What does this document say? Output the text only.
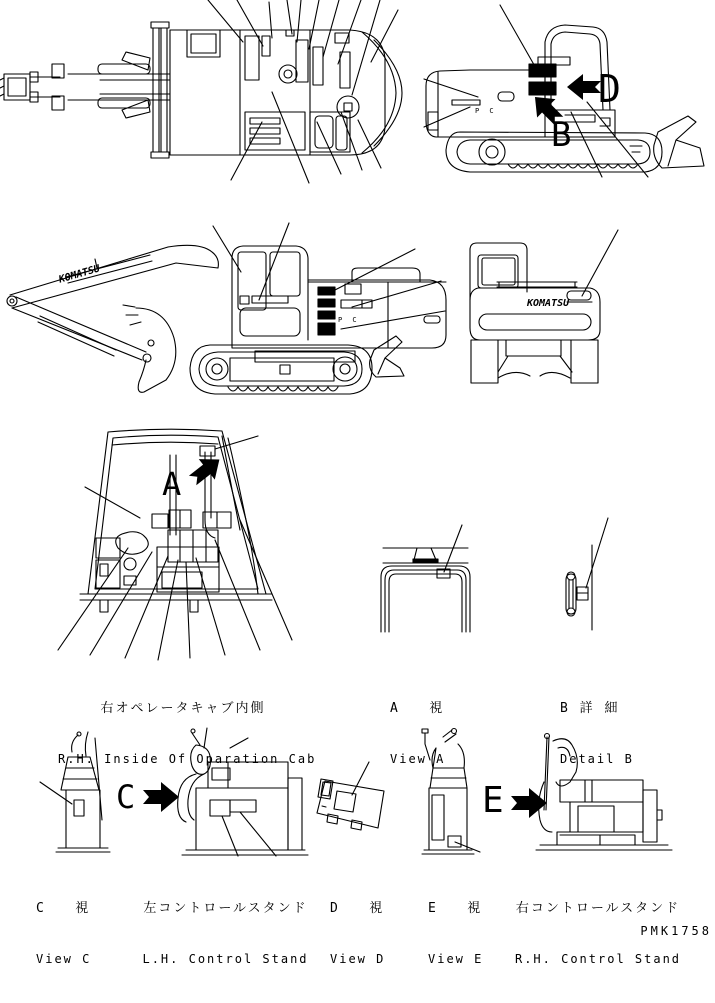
A
B
D
C	E
KOMATSU
KOMATSU
P C
P C

右オペレータキャブ内側

R.H. Inside Of Oparation Cab

A   視

View A

B 詳 細

Detail B

C   視

View C

左コントロールスタンド

L.H. Control Stand

D   視

View D

E   視

View E

右コントロールスタンド

R.H. Control Stand

PMK1758
